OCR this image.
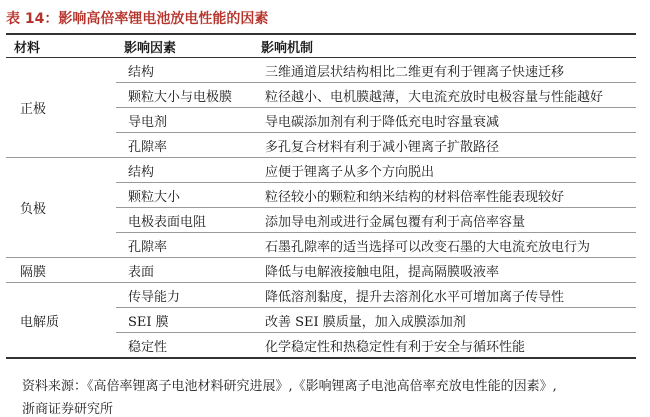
表 14：影响高倍率锂电池放电性能的因素
材料	影响因素	影响机制
正极	结构	三维通道层状结构相比二维更有利于锂离子快速迁移
	颗粒大小与电极膜	粒径越小、电机膜越薄，大电流充放时电极容量与性能越好
	导电剂	导电碳添加剂有利于降低充电时容量衰减
	孔隙率	多孔复合材料有利于减小锂离子扩散路径
负极	结构	应便于锂离子从多个方向脱出
	颗粒大小	粒径较小的颗粒和纳米结构的材料倍率性能表现较好
	电极表面电阻	添加导电剂或进行金属包覆有利于高倍率容量
	孔隙率	石墨孔隙率的适当选择可以改变石墨的大电流充放电行为
隔膜	表面	降低与电解液接触电阻，提高隔膜吸液率
电解质	传导能力	降低溶剂黏度，提升去溶剂化水平可增加离子传导性
	SEI 膜	改善 SEI 膜质量，加入成膜添加剂
	稳定性	化学稳定性和热稳定性有利于安全与循环性能
资料来源：《高倍率锂离子电池材料研究进展》,《影响锂离子电池高倍率充放电性能的因素》,
浙商证券研究所
